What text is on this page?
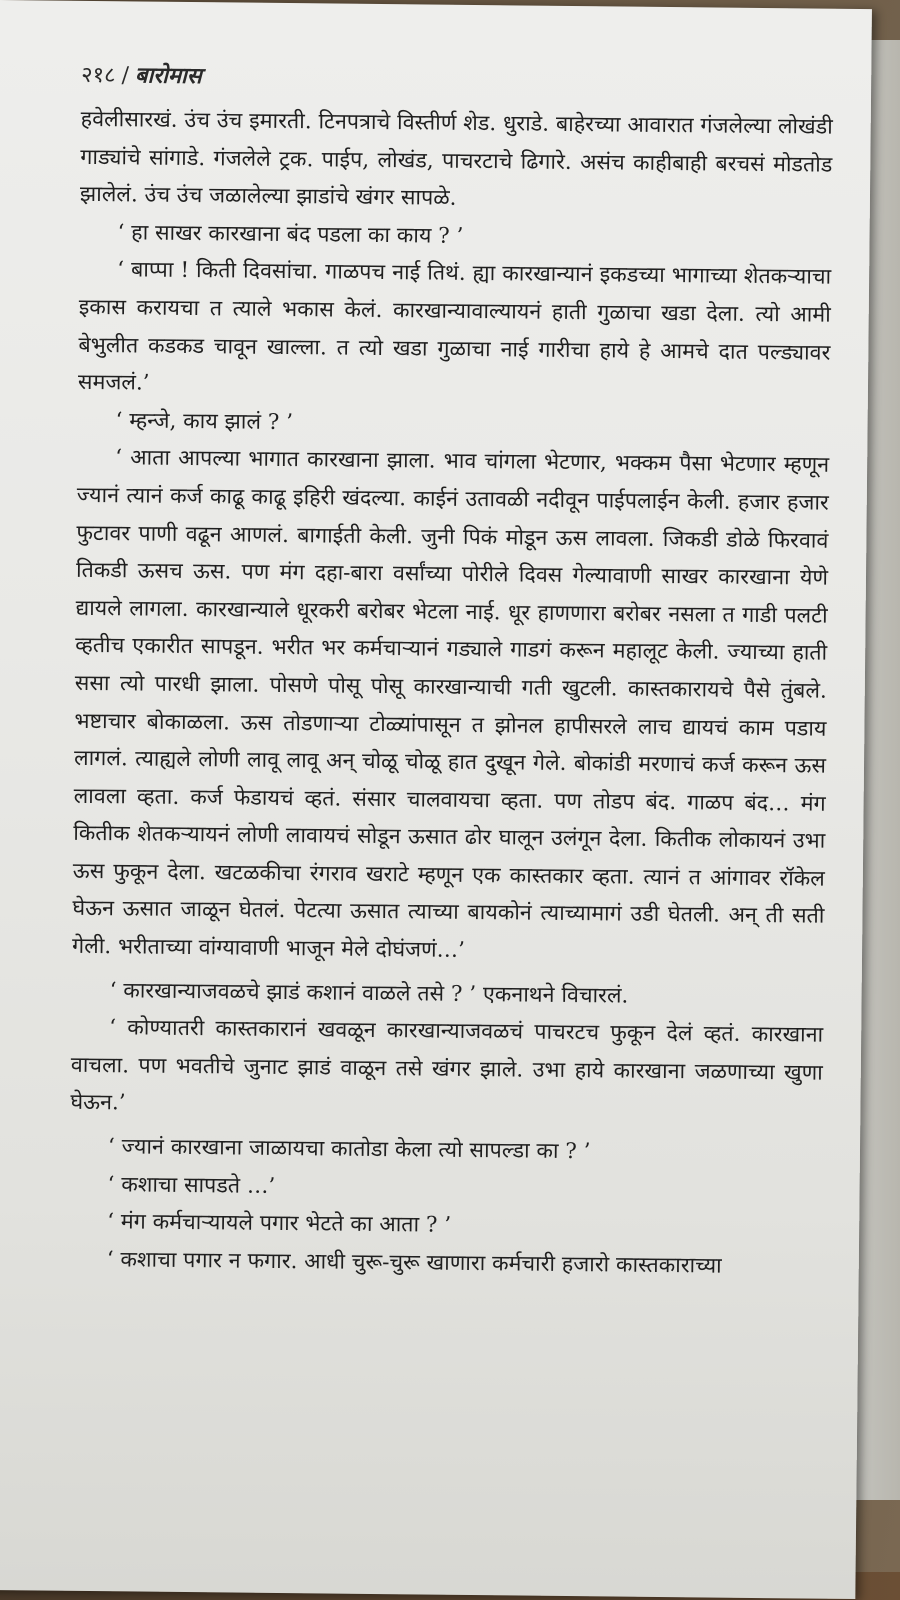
२१८ / बारोमास

हवेलीसारखं. उंच उंच इमारती. टिनपत्राचे विस्तीर्ण शेड. धुराडे. बाहेरच्या आवारात गंजलेल्या लोखंडी गाड्यांचे सांगाडे. गंजलेले ट्रक. पाईप, लोखंड, पाचरटाचे ढिगारे. असंच काहीबाही बरचसं मोडतोड झालेलं. उंच उंच जळालेल्या झाडांचे खंगर सापळे.

‘ हा साखर कारखाना बंद पडला का काय ? ’

‘ बाप्पा ! किती दिवसांचा. गाळपच नाई तिथं. ह्या कारखान्यानं इकडच्या भागाच्या शेतकऱ्याचा इकास करायचा त त्याले भकास केलं. कारखान्यावाल्यायनं हाती गुळाचा खडा देला. त्यो आमी बेभुलीत कडकड चावून खाल्ला. त त्यो खडा गुळाचा नाई गारीचा हाये हे आमचे दात पल्ड्यावर समजलं.’

‘ म्हन्जे, काय झालं ? ’

‘ आता आपल्या भागात कारखाना झाला. भाव चांगला भेटणार, भक्कम पैसा भेटणार म्हणून ज्यानं त्यानं कर्ज काढू काढू इहिरी खंदल्या. काईनं उतावळी नदीवून पाईपलाईन केली. हजार हजार फुटावर पाणी वढून आणलं. बागाईती केली. जुनी पिकं मोडून ऊस लावला. जिकडी डोळे फिरवावं तिकडी ऊसच ऊस. पण मंग दहा-बारा वर्सांच्या पोरीले दिवस गेल्यावाणी साखर कारखाना येणे द्यायले लागला. कारखान्याले धूरकरी बरोबर भेटला नाई. धूर हाणणारा बरोबर नसला त गाडी पलटी व्हतीच एकारीत सापडून. भरीत भर कर्मचाऱ्यानं गड्याले गाडगं करून महालूट केली. ज्याच्या हाती ससा त्यो पारधी झाला. पोसणे पोसू पोसू कारखान्याची गती खुटली. कास्तकारायचे पैसे तुंबले. भष्टाचार बोकाळला. ऊस तोडणाऱ्या टोळ्यांपासून त झोनल हापीसरले लाच द्यायचं काम पडाय लागलं. त्याह्यले लोणी लावू लावू अन् चोळू चोळू हात दुखून गेले. बोकांडी मरणाचं कर्ज करून ऊस लावला व्हता. कर्ज फेडायचं व्हतं. संसार चालवायचा व्हता. पण तोडप बंद. गाळप बंद… मंग कितीक शेतकऱ्यायनं लोणी लावायचं सोडून ऊसात ढोर घालून उलंगून देला. कितीक लोकायनं उभा ऊस फुकून देला. खटळकीचा रंगराव खराटे म्हणून एक कास्तकार व्हता. त्यानं त आंगावर रॉकेल घेऊन ऊसात जाळून घेतलं. पेटत्या ऊसात त्याच्या बायकोनं त्याच्यामागं उडी घेतली. अन् ती सती गेली. भरीताच्या वांग्यावाणी भाजून मेले दोघंजणं…’

‘ कारखान्याजवळचे झाडं कशानं वाळले तसे ? ’ एकनाथने विचारलं.

‘ कोण्यातरी कास्तकारानं खवळून कारखान्याजवळचं पाचरटच फुकून देलं व्हतं. कारखाना वाचला. पण भवतीचे जुनाट झाडं वाळून तसे खंगर झाले. उभा हाये कारखाना जळणाच्या खुणा घेऊन.’

‘ ज्यानं कारखाना जाळायचा कातोडा केला त्यो सापल्डा का ? ’

‘ कशाचा सापडते …’

‘ मंग कर्मचाऱ्यायले पगार भेटते का आता ? ’

‘ कशाचा पगार न फगार. आधी चुरू-चुरू खाणारा कर्मचारी हजारो कास्तकाराच्या
